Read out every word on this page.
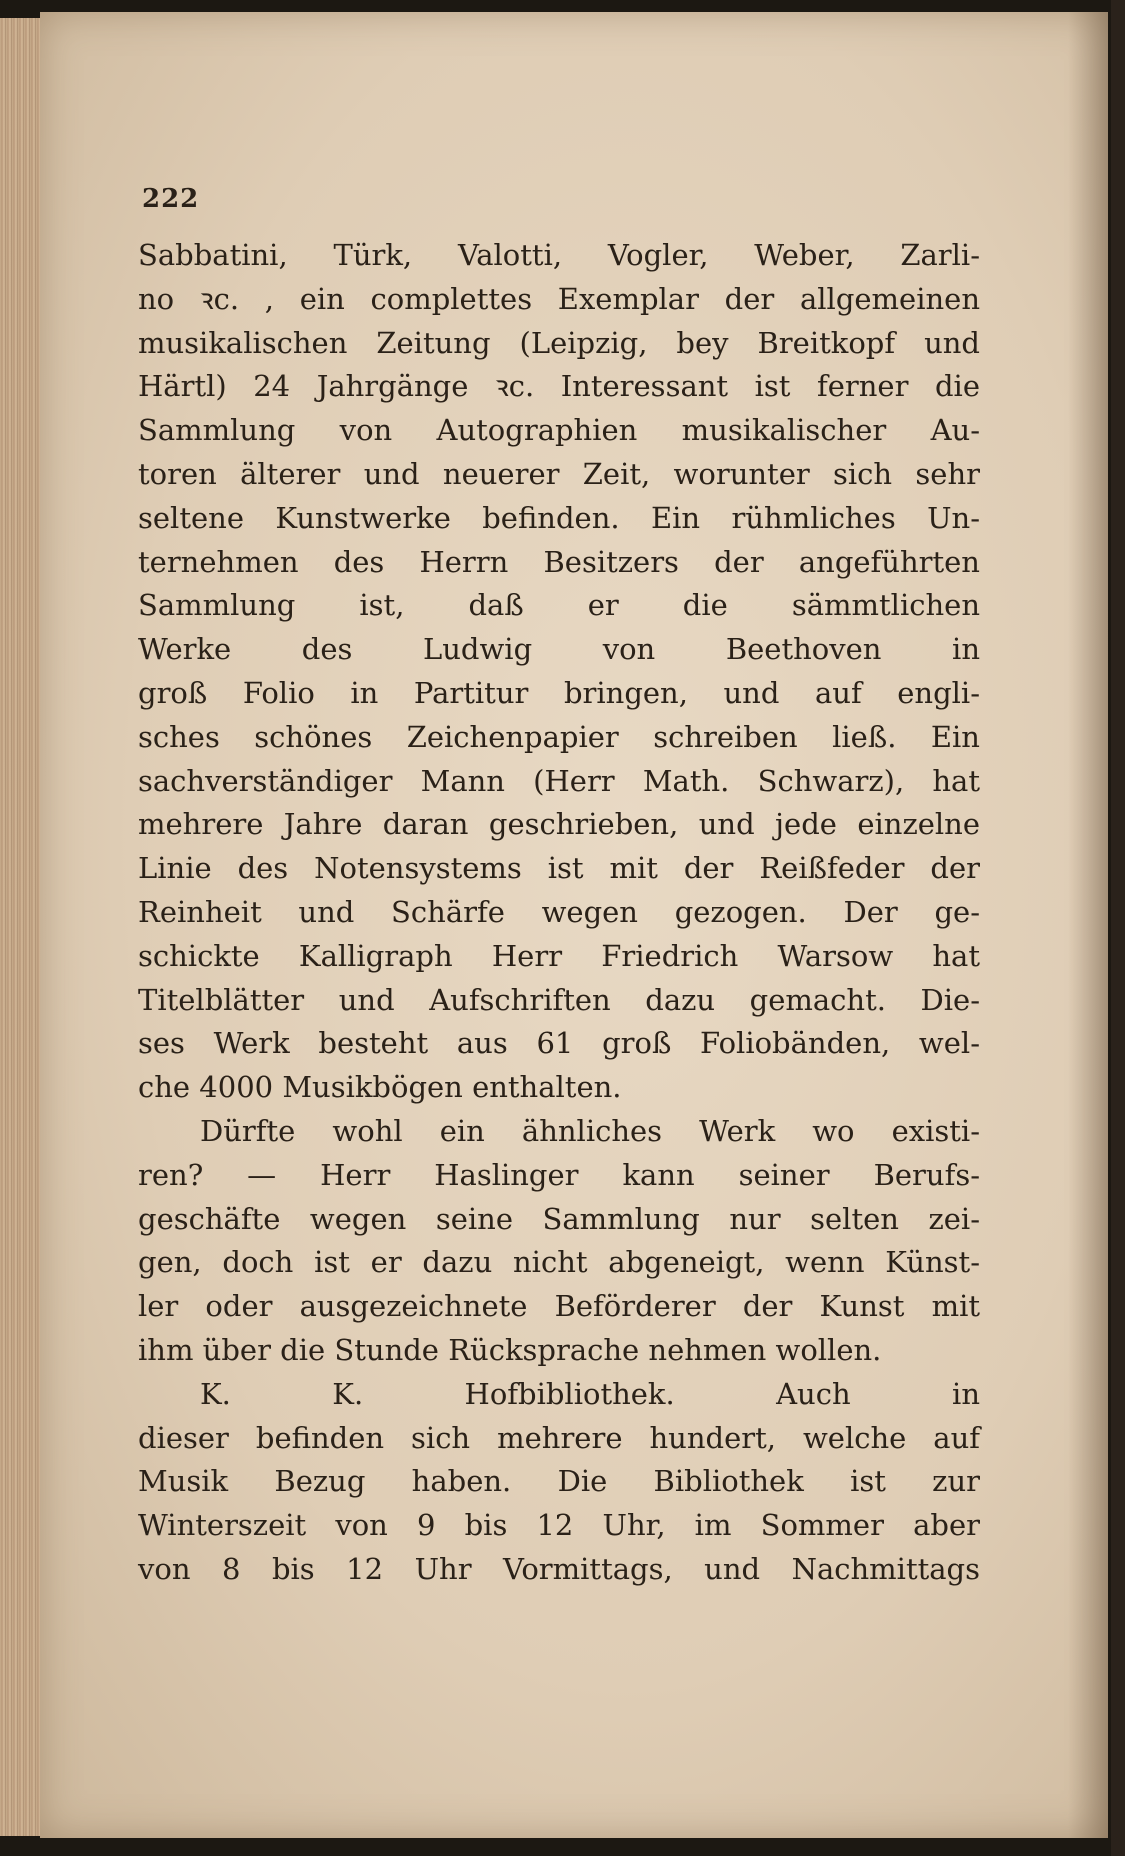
222

Sabbatini, Türk, Valotti, Vogler, Weber, Zarli-
no ꝛc. , ein complettes Exemplar der allgemeinen
musikalischen Zeitung (Leipzig, bey Breitkopf und
Härtl) 24 Jahrgänge ꝛc. Interessant ist ferner die
Sammlung von Autographien musikalischer Au-
toren älterer und neuerer Zeit, worunter sich sehr
seltene Kunstwerke befinden. Ein rühmliches Un-
ternehmen des Herrn Besitzers der angeführten
Sammlung ist, daß er die sämmtlichen
Werke des Ludwig von Beethoven in
groß Folio in Partitur bringen, und auf engli-
sches schönes Zeichenpapier schreiben ließ. Ein
sachverständiger Mann (Herr Math. Schwarz), hat
mehrere Jahre daran geschrieben, und jede einzelne
Linie des Notensystems ist mit der Reißfeder der
Reinheit und Schärfe wegen gezogen. Der ge-
schickte Kalligraph Herr Friedrich Warsow hat
Titelblätter und Aufschriften dazu gemacht. Die-
ses Werk besteht aus 61 groß Foliobänden, wel-
che 4000 Musikbögen enthalten.
Dürfte wohl ein ähnliches Werk wo existi-
ren? — Herr Haslinger kann seiner Berufs-
geschäfte wegen seine Sammlung nur selten zei-
gen, doch ist er dazu nicht abgeneigt, wenn Künst-
ler oder ausgezeichnete Beförderer der Kunst mit
ihm über die Stunde Rücksprache nehmen wollen.
K. K. Hofbibliothek. Auch in
dieser befinden sich mehrere hundert, welche auf
Musik Bezug haben. Die Bibliothek ist zur
Winterszeit von 9 bis 12 Uhr, im Sommer aber
von 8 bis 12 Uhr Vormittags, und Nachmittags
